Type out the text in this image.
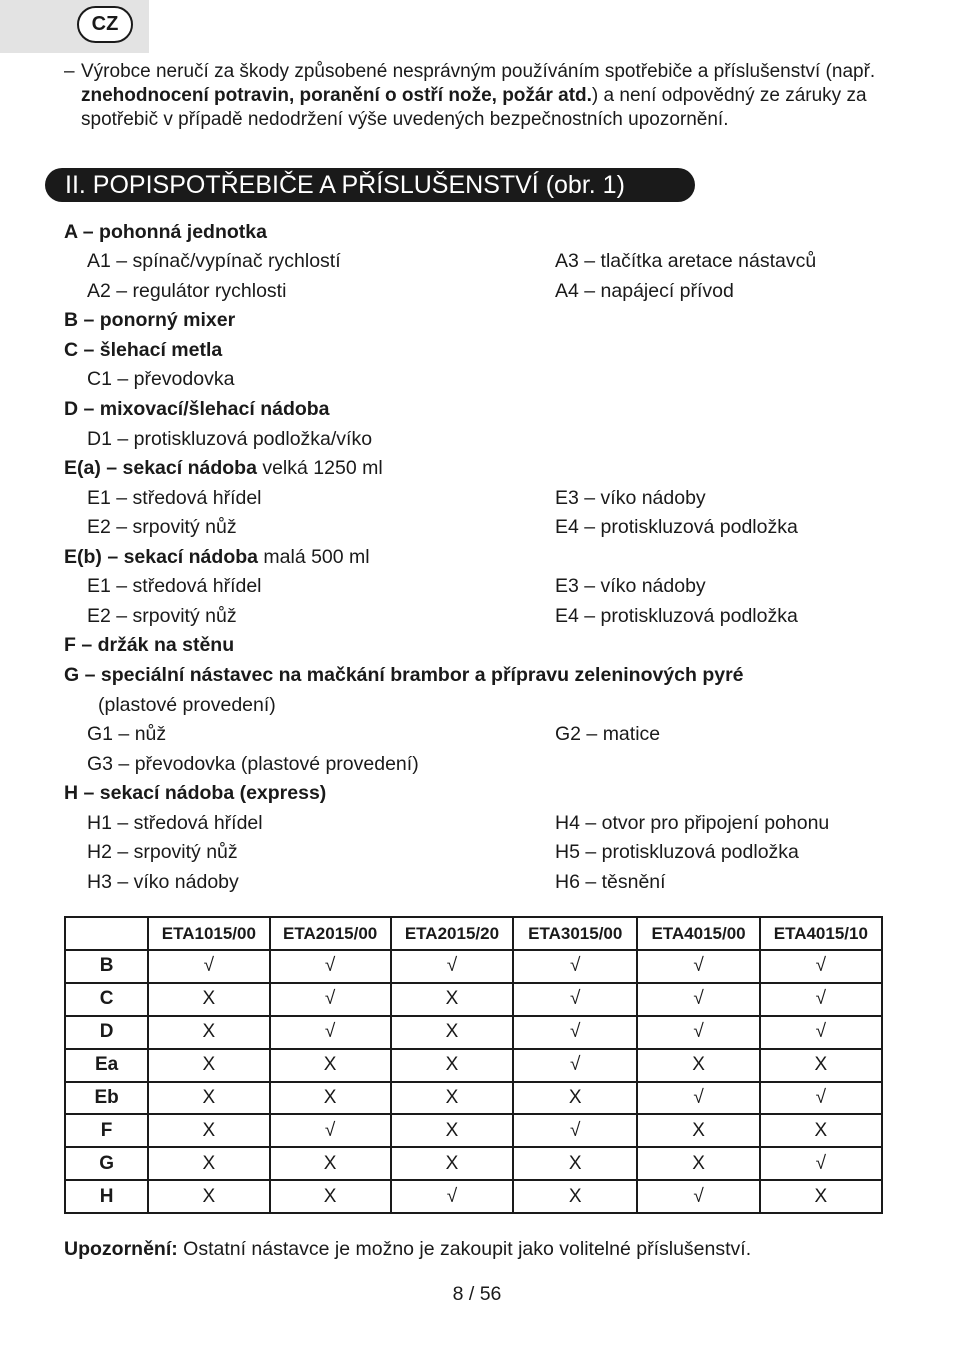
CZ
– Výrobce neručí za škody způsobené nesprávným používáním spotřebiče a příslušenství (např. znehodnocení potravin, poranění o ostří nože, požár atd.) a není odpovědný ze záruky za spotřebič v případě nedodržení výše uvedených bezpečnostních upozornění.
II. POPISPOTŘEBIČE A PŘÍSLUŠENSTVÍ (obr. 1)
A – pohonná jednotka
A1 – spínač/vypínač rychlostí	A3 – tlačítka aretace nástavců
A2 – regulátor rychlosti	A4 – napájecí přívod
B – ponorný mixer
C – šlehací metla
C1 – převodovka
D – mixovací/šlehací nádoba
D1 – protiskluzová podložka/víko
E(a) – sekací nádoba velká 1250 ml
E1 – středová hřídel	E3 – víko nádoby
E2 – srpovitý nůž	E4 – protiskluzová podložka
E(b) – sekací nádoba malá 500 ml
E1 – středová hřídel	E3 – víko nádoby
E2 – srpovitý nůž	E4 – protiskluzová podložka
F – držák na stěnu
G – speciální nástavec na mačkání brambor a přípravu zeleninových pyré
(plastové provedení)
G1 – nůž	G2 – matice
G3 – převodovka (plastové provedení)
H – sekací nádoba (express)
H1 – středová hřídel	H4 – otvor pro připojení pohonu
H2 – srpovitý nůž	H5 – protiskluzová podložka
H3 – víko nádoby	H6 – těsnění
	ETA1015/00	ETA2015/00	ETA2015/20	ETA3015/00	ETA4015/00	ETA4015/10
B	√	√	√	√	√	√
C	X	√	X	√	√	√
D	X	√	X	√	√	√
Ea	X	X	X	√	X	X
Eb	X	X	X	X	√	√
F	X	√	X	√	X	X
G	X	X	X	X	X	√
H	X	X	√	X	√	X
Upozornění: Ostatní nástavce je možno je zakoupit jako volitelné příslušenství.
8 / 56
